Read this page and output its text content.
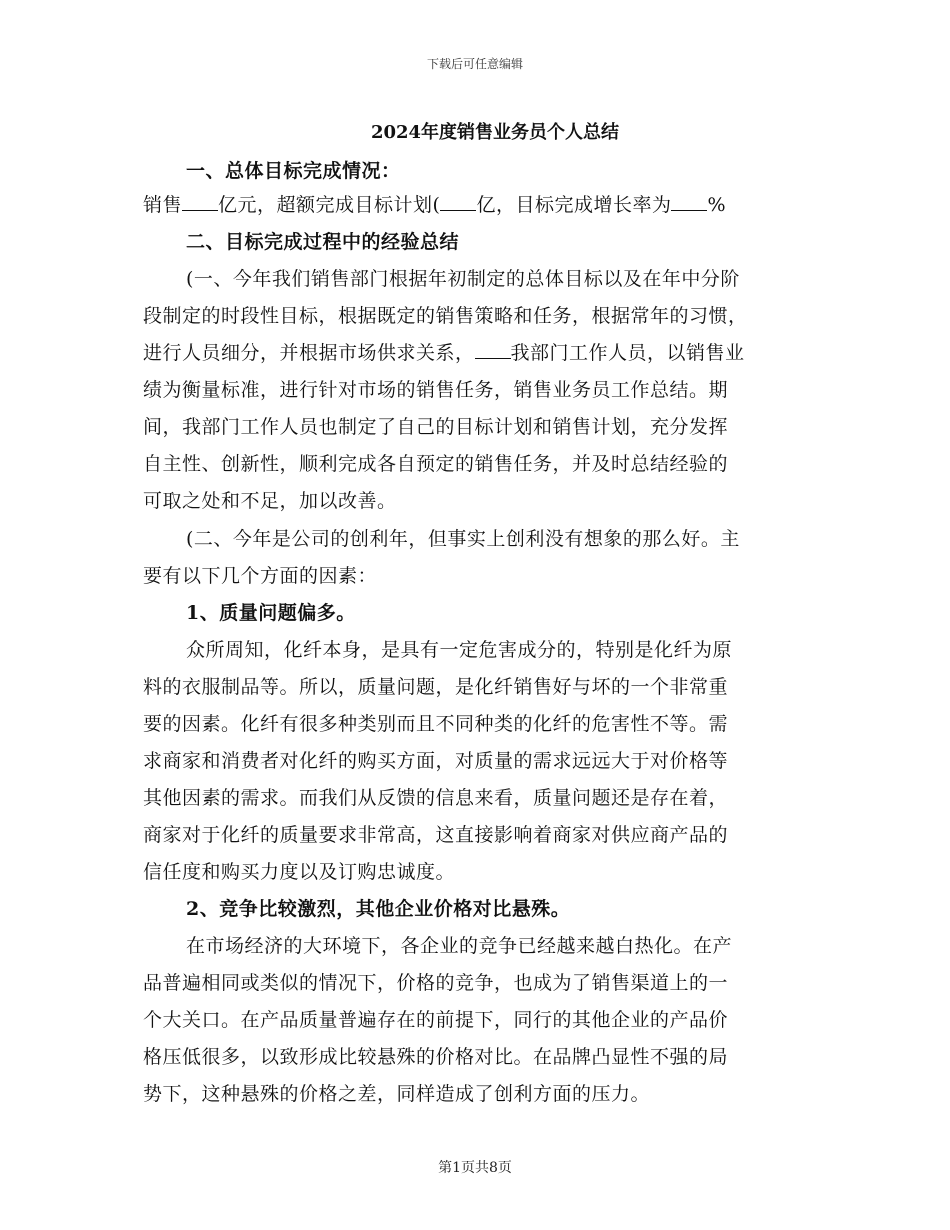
下载后可任意编辑
2024年度销售业务员个人总结
一、总体目标完成情况：
销售 亿元，超额完成目标计划( 亿，目标完成增长率为 %
二、目标完成过程中的经验总结
(一、今年我们销售部门根据年初制定的总体目标以及在年中分阶
段制定的时段性目标，根据既定的销售策略和任务，根据常年的习惯，
进行人员细分，并根据市场供求关系， 我部门工作人员，以销售业
绩为衡量标准，进行针对市场的销售任务，销售业务员工作总结。期
间，我部门工作人员也制定了自己的目标计划和销售计划，充分发挥
自主性、创新性，顺利完成各自预定的销售任务，并及时总结经验的
可取之处和不足，加以改善。
(二、今年是公司的创利年，但事实上创利没有想象的那么好。主
要有以下几个方面的因素：
1、质量问题偏多。
众所周知，化纤本身，是具有一定危害成分的，特别是化纤为原
料的衣服制品等。所以，质量问题，是化纤销售好与坏的一个非常重
要的因素。化纤有很多种类别而且不同种类的化纤的危害性不等。需
求商家和消费者对化纤的购买方面，对质量的需求远远大于对价格等
其他因素的需求。而我们从反馈的信息来看，质量问题还是存在着，
商家对于化纤的质量要求非常高，这直接影响着商家对供应商产品的
信任度和购买力度以及订购忠诚度。
2、竞争比较激烈，其他企业价格对比悬殊。
在市场经济的大环境下，各企业的竞争已经越来越白热化。在产
品普遍相同或类似的情况下，价格的竞争，也成为了销售渠道上的一
个大关口。在产品质量普遍存在的前提下，同行的其他企业的产品价
格压低很多，以致形成比较悬殊的价格对比。在品牌凸显性不强的局
势下，这种悬殊的价格之差，同样造成了创利方面的压力。
第1页共8页
